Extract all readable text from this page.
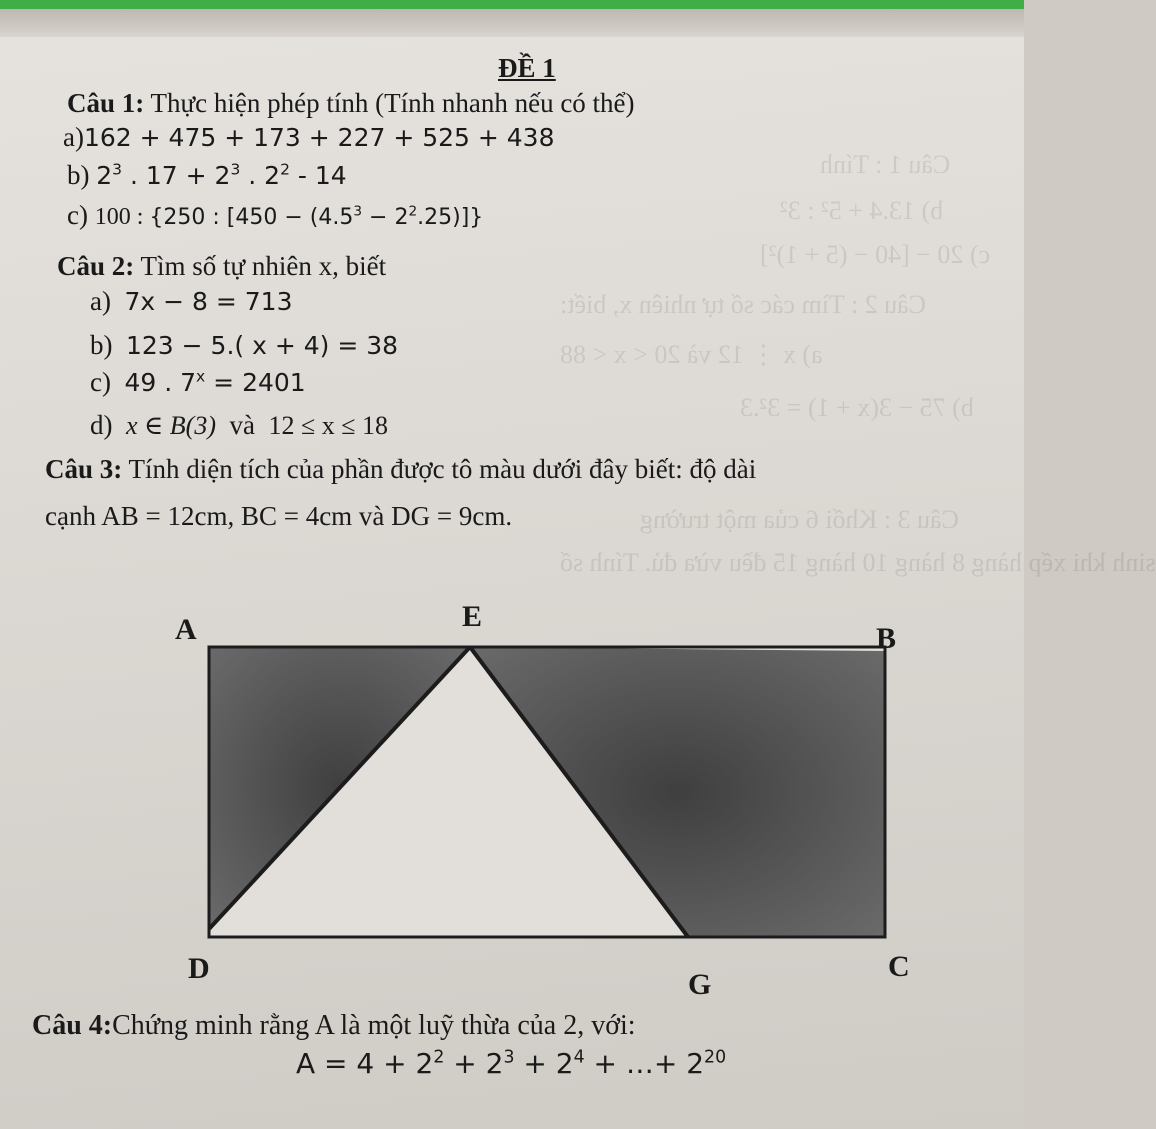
Câu 1 : Tính
b) 13.4 + 5² : 3²
c) 20 − [40 − (5 + 1)²]
Câu 2 : Tìm các số tự nhiên x, biết:
a) x ⋮ 12 và 20 < x < 88
b) 75 − 3(x + 1) = 3².3
Câu 3 : Khối 6 của một trường
sinh khi xếp hàng 8 hàng 10 hàng 15 đều vừa đủ. Tính số
ĐỀ 1
Câu 1: Thực hiện phép tính (Tính nhanh nếu có thể)
a)162 + 475 + 173 + 227 + 525 + 438
b) $2^3$ . $17 + 2^3$ . $2^2 - 14$
c) 100 : {250 : $[450 - (4.5^3 - 2^2.25)]$}
Câu 2: Tìm số tự nhiên x, biết
a) 7x − 8 = 713
b) 123 − 5.( x + 4) = 38
c) 49 . $7^x = 2401$
d) x ∈ B(3) và 12 ≤ x ≤ 18
Câu 3: Tính diện tích của phần được tô màu dưới đây biết: độ dài
cạnh AB = 12cm, BC = 4cm và DG = 9cm.
A	E
B
D	G
C
Câu 4:Chứng minh rằng A là một luỹ thừa của 2, với:
$A = 4 + 2^2 + 2^3 + 2^4$ + …+ $2^{20}$
